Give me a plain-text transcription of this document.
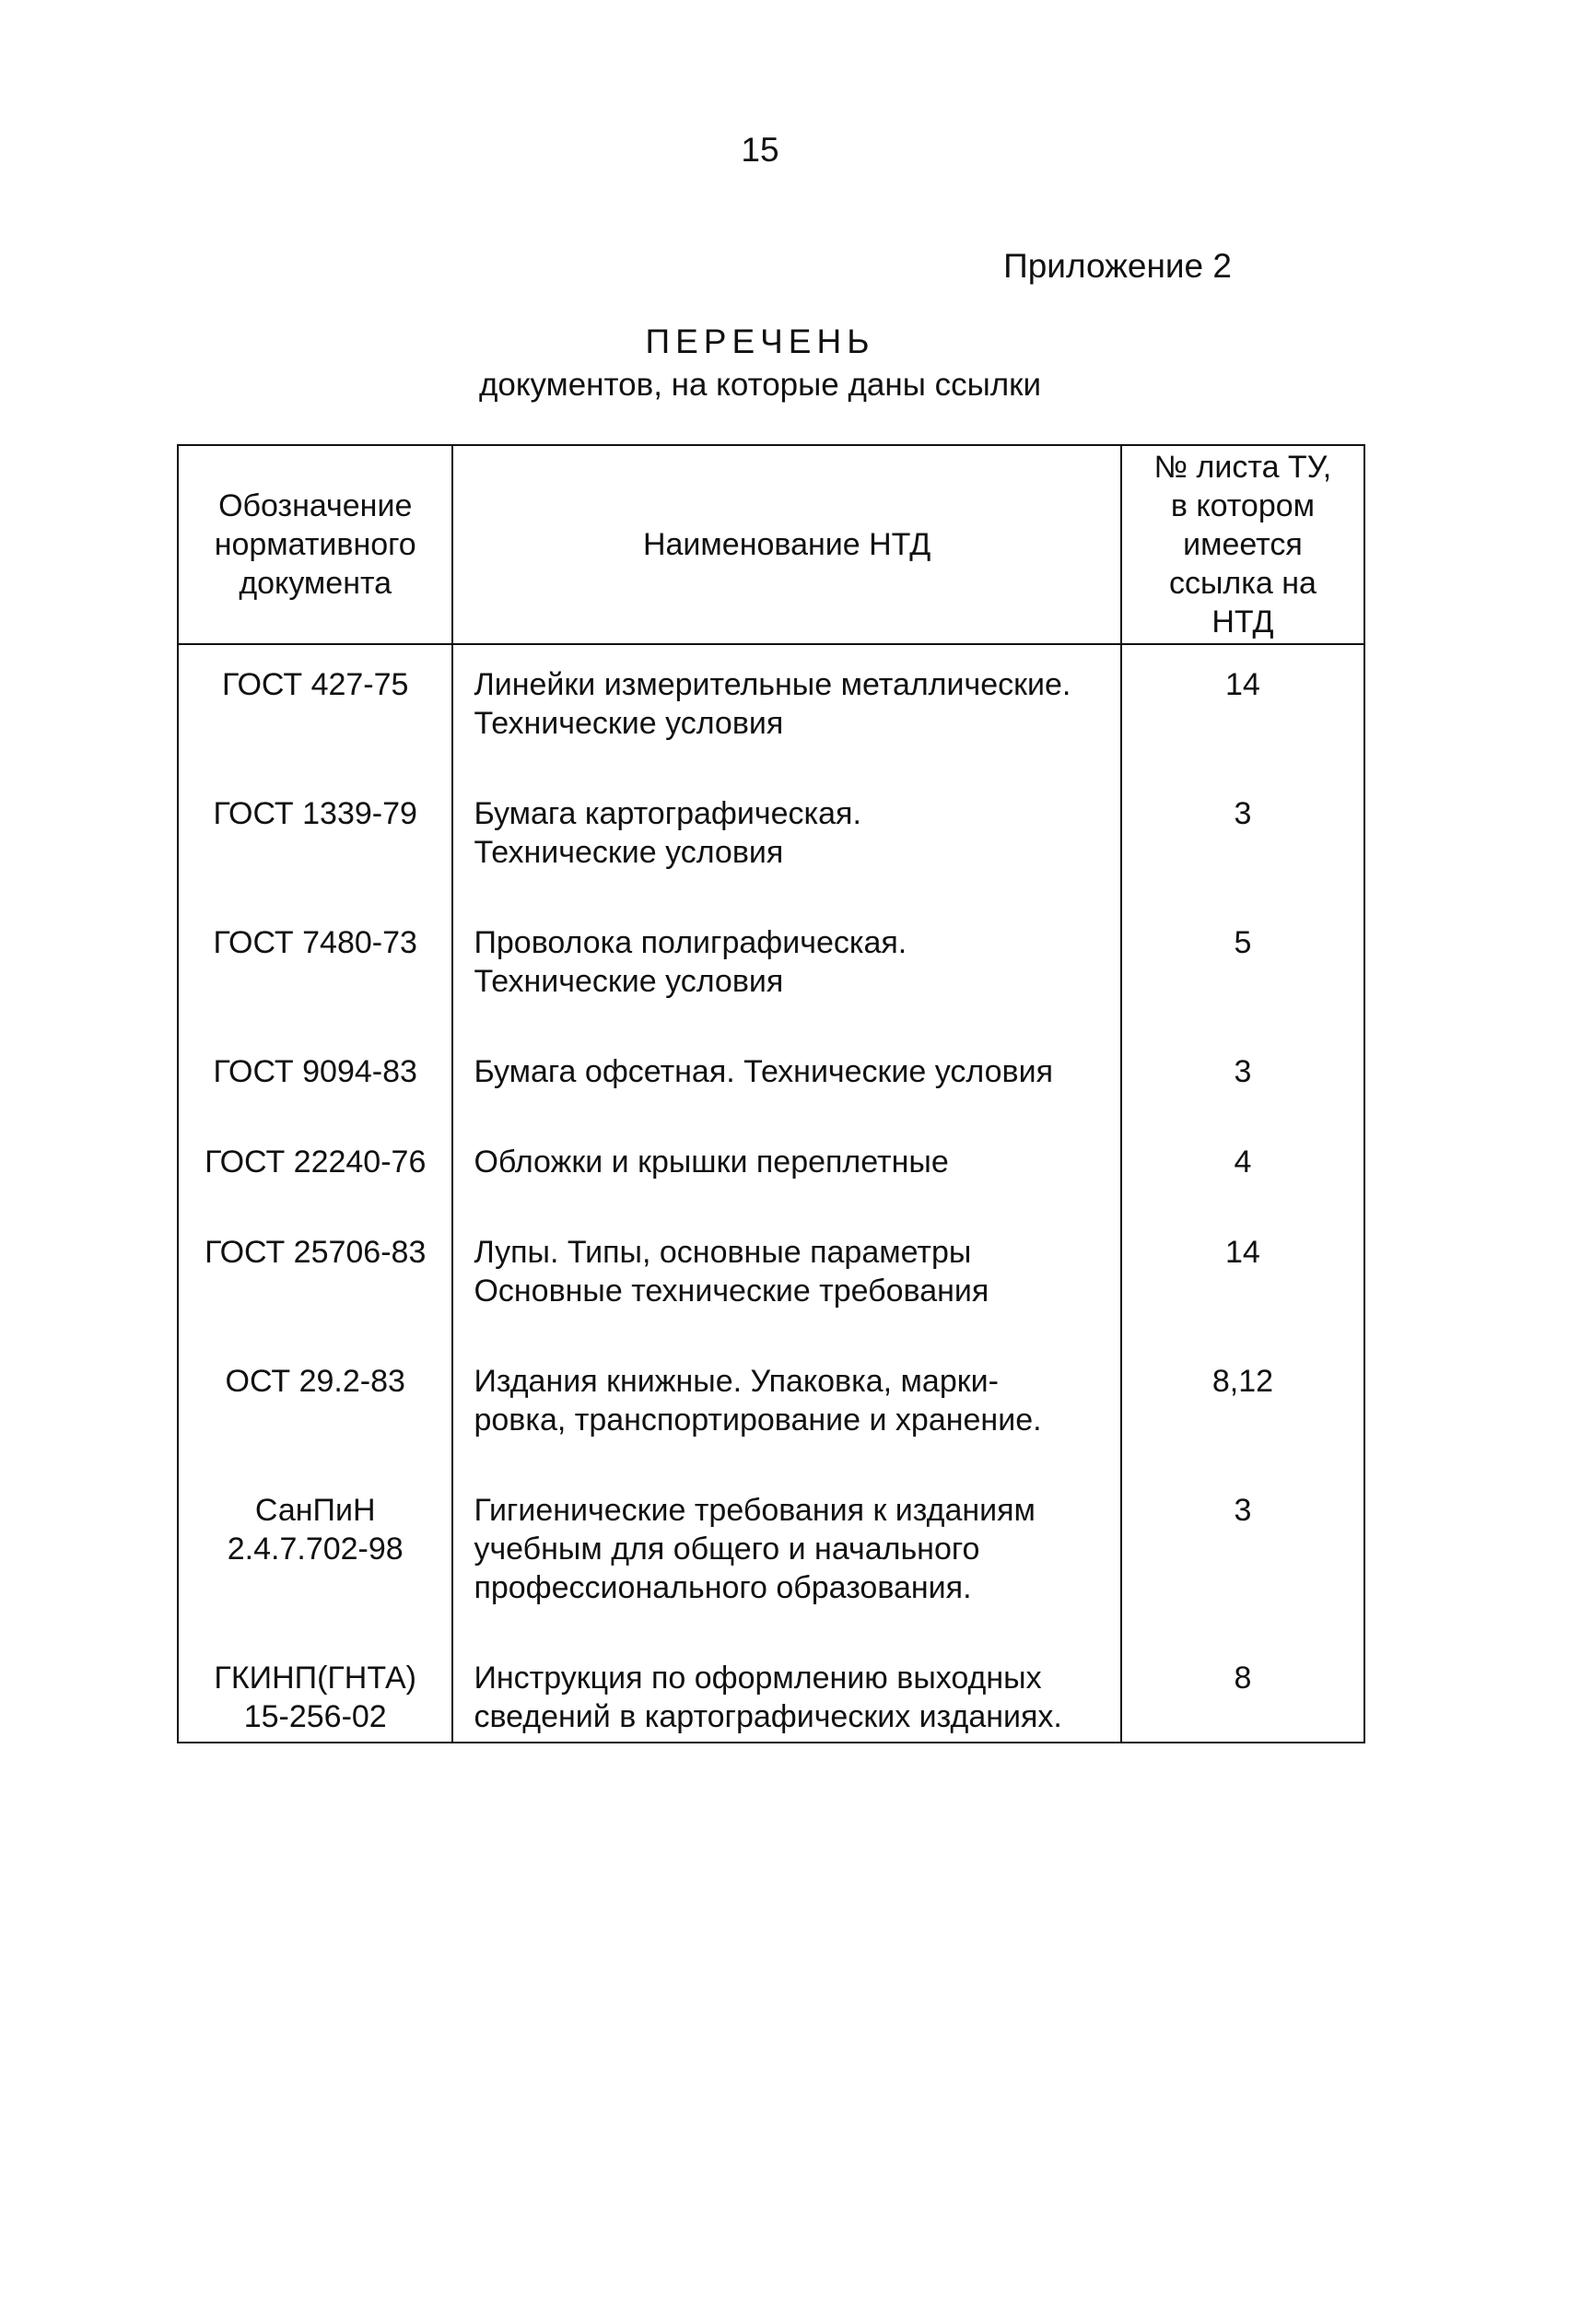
15
Приложение 2
ПЕРЕЧЕНЬ
документов, на которые даны ссылки
Обозначение
нормативного
документа	Наименование НТД	№ листа ТУ,
в котором
имеется
ссылка на
НТД

ГОСТ 427-75	Линейки измерительные металлические.
Технические условия	14

ГОСТ 1339-79	Бумага картографическая.
Технические условия	3

ГОСТ 7480-73	Проволока полиграфическая.
Технические условия	5

ГОСТ 9094-83	Бумага офсетная. Технические условия	3

ГОСТ 22240-76	Обложки и крышки переплетные	4

ГОСТ 25706-83	Лупы. Типы, основные параметры
Основные технические требования	14

ОСТ 29.2-83	Издания книжные. Упаковка, марки-
ровка, транспортирование и хранение.	8,12

СанПиН
2.4.7.702-98	Гигиенические требования к изданиям
учебным для общего и начального
профессионального образования.	3

ГКИНП(ГНТА)
15-256-02	Инструкция по оформлению выходных
сведений в картографических изданиях.	8
